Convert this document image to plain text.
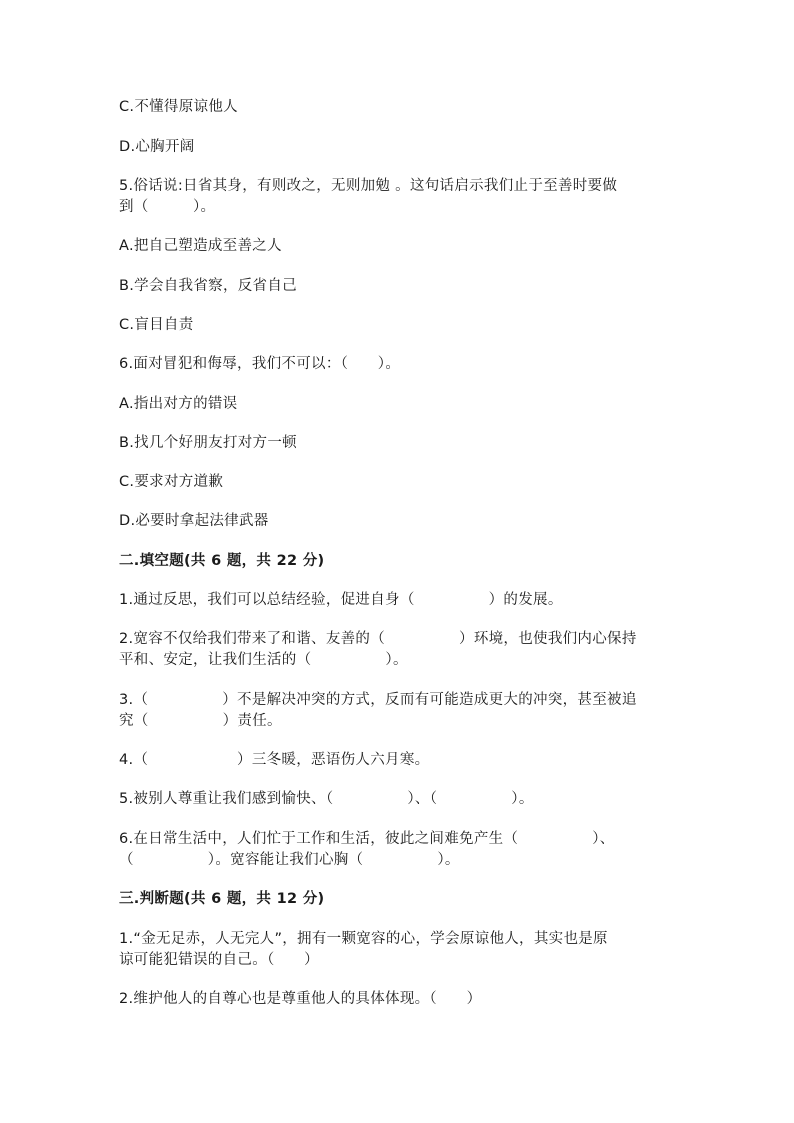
C.不懂得原谅他人
D.心胸开阔
5.俗话说:日省其身，有则改之，无则加勉 。这句话启示我们止于至善时要做
到（　　　）。
A.把自己塑造成至善之人
B.学会自我省察，反省自己
C.盲目自责
6.面对冒犯和侮辱，我们不可以：（　　）。
A.指出对方的错误
B.找几个好朋友打对方一顿
C.要求对方道歉
D.必要时拿起法律武器
二.填空题(共 6 题，共 22 分)
1.通过反思，我们可以总结经验，促进自身（　　　　　）的发展。
2.宽容不仅给我们带来了和谐、友善的（　　　　　）环境，也使我们内心保持
平和、安定，让我们生活的（　　　　　）。
3.（　　　　　）不是解决冲突的方式，反而有可能造成更大的冲突，甚至被追
究（　　　　　）责任。
4.（　　　　　　）三冬暖，恶语伤人六月寒。
5.被别人尊重让我们感到愉快、（　　　　　）、（　　　　　）。
6.在日常生活中，人们忙于工作和生活，彼此之间难免产生（　　　　　）、
（　　　　　）。宽容能让我们心胸（　　　　　）。
三.判断题(共 6 题，共 12 分)
1.“金无足赤，人无完人”，拥有一颗宽容的心，学会原谅他人，其实也是原
谅可能犯错误的自己。（　　）
2.维护他人的自尊心也是尊重他人的具体体现。（　　）
